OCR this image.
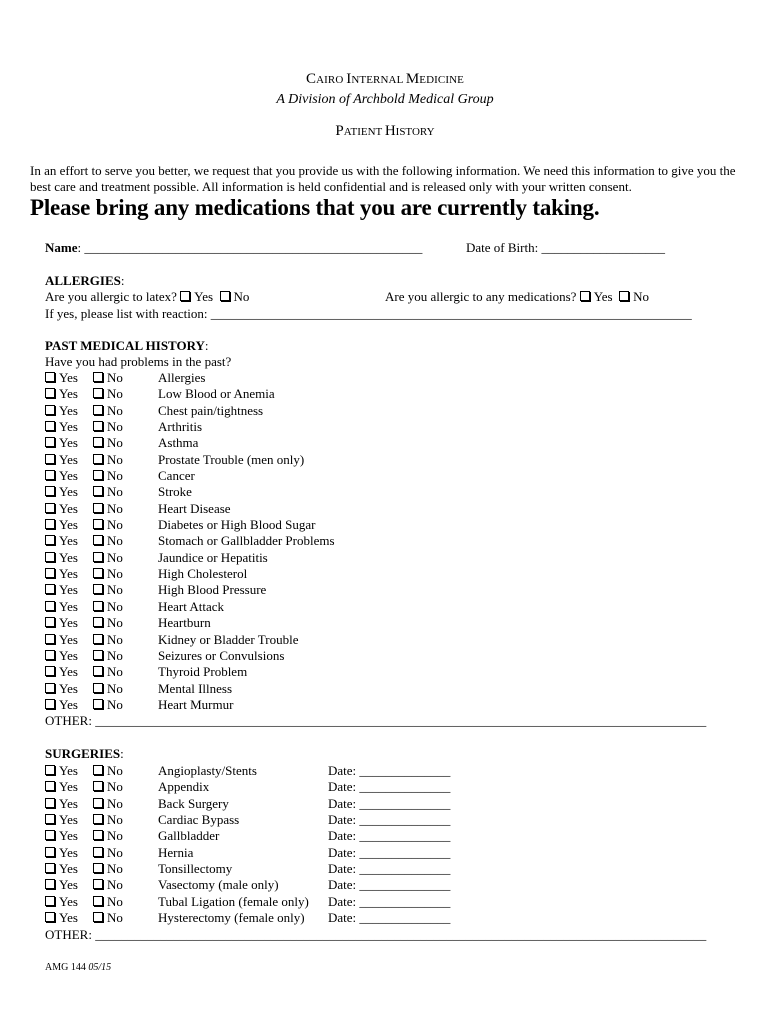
CAIRO INTERNAL MEDICINE
A Division of Archbold Medical Group
PATIENT HISTORY
In an effort to serve you better, we request that you provide us with the following information. We need this information to give you the best care and treatment possible. All information is held confidential and is released only with your written consent.
Please bring any medications that you are currently taking.
Name: ____________________________________________________	Date of Birth: ___________________
ALLERGIES:
Are you allergic to latex? Yes No	Are you allergic to any medications? Yes No
If yes, please list with reaction: __________________________________________________________________________
PAST MEDICAL HISTORY:
Have you had problems in the past?
Yes	No	Allergies
Yes	No	Low Blood or Anemia
Yes	No	Chest pain/tightness
Yes	No	Arthritis
Yes	No	Asthma
Yes	No	Prostate Trouble (men only)
Yes	No	Cancer
Yes	No	Stroke
Yes	No	Heart Disease
Yes	No	Diabetes or High Blood Sugar
Yes	No	Stomach or Gallbladder Problems
Yes	No	Jaundice or Hepatitis
Yes	No	High Cholesterol
Yes	No	High Blood Pressure
Yes	No	Heart Attack
Yes	No	Heartburn
Yes	No	Kidney or Bladder Trouble
Yes	No	Seizures or Convulsions
Yes	No	Thyroid Problem
Yes	No	Mental Illness
Yes	No	Heart Murmur
OTHER: ______________________________________________________________________________________________
SURGERIES:
Yes	No	Angioplasty/Stents	Date: ______________
Yes	No	Appendix	Date: ______________
Yes	No	Back Surgery	Date: ______________
Yes	No	Cardiac Bypass	Date: ______________
Yes	No	Gallbladder	Date: ______________
Yes	No	Hernia	Date: ______________
Yes	No	Tonsillectomy	Date: ______________
Yes	No	Vasectomy (male only)	Date: ______________
Yes	No	Tubal Ligation (female only) Date: ______________
Yes	No	Hysterectomy (female only) Date: ______________
OTHER: ______________________________________________________________________________________________
AMG 144 05/15
